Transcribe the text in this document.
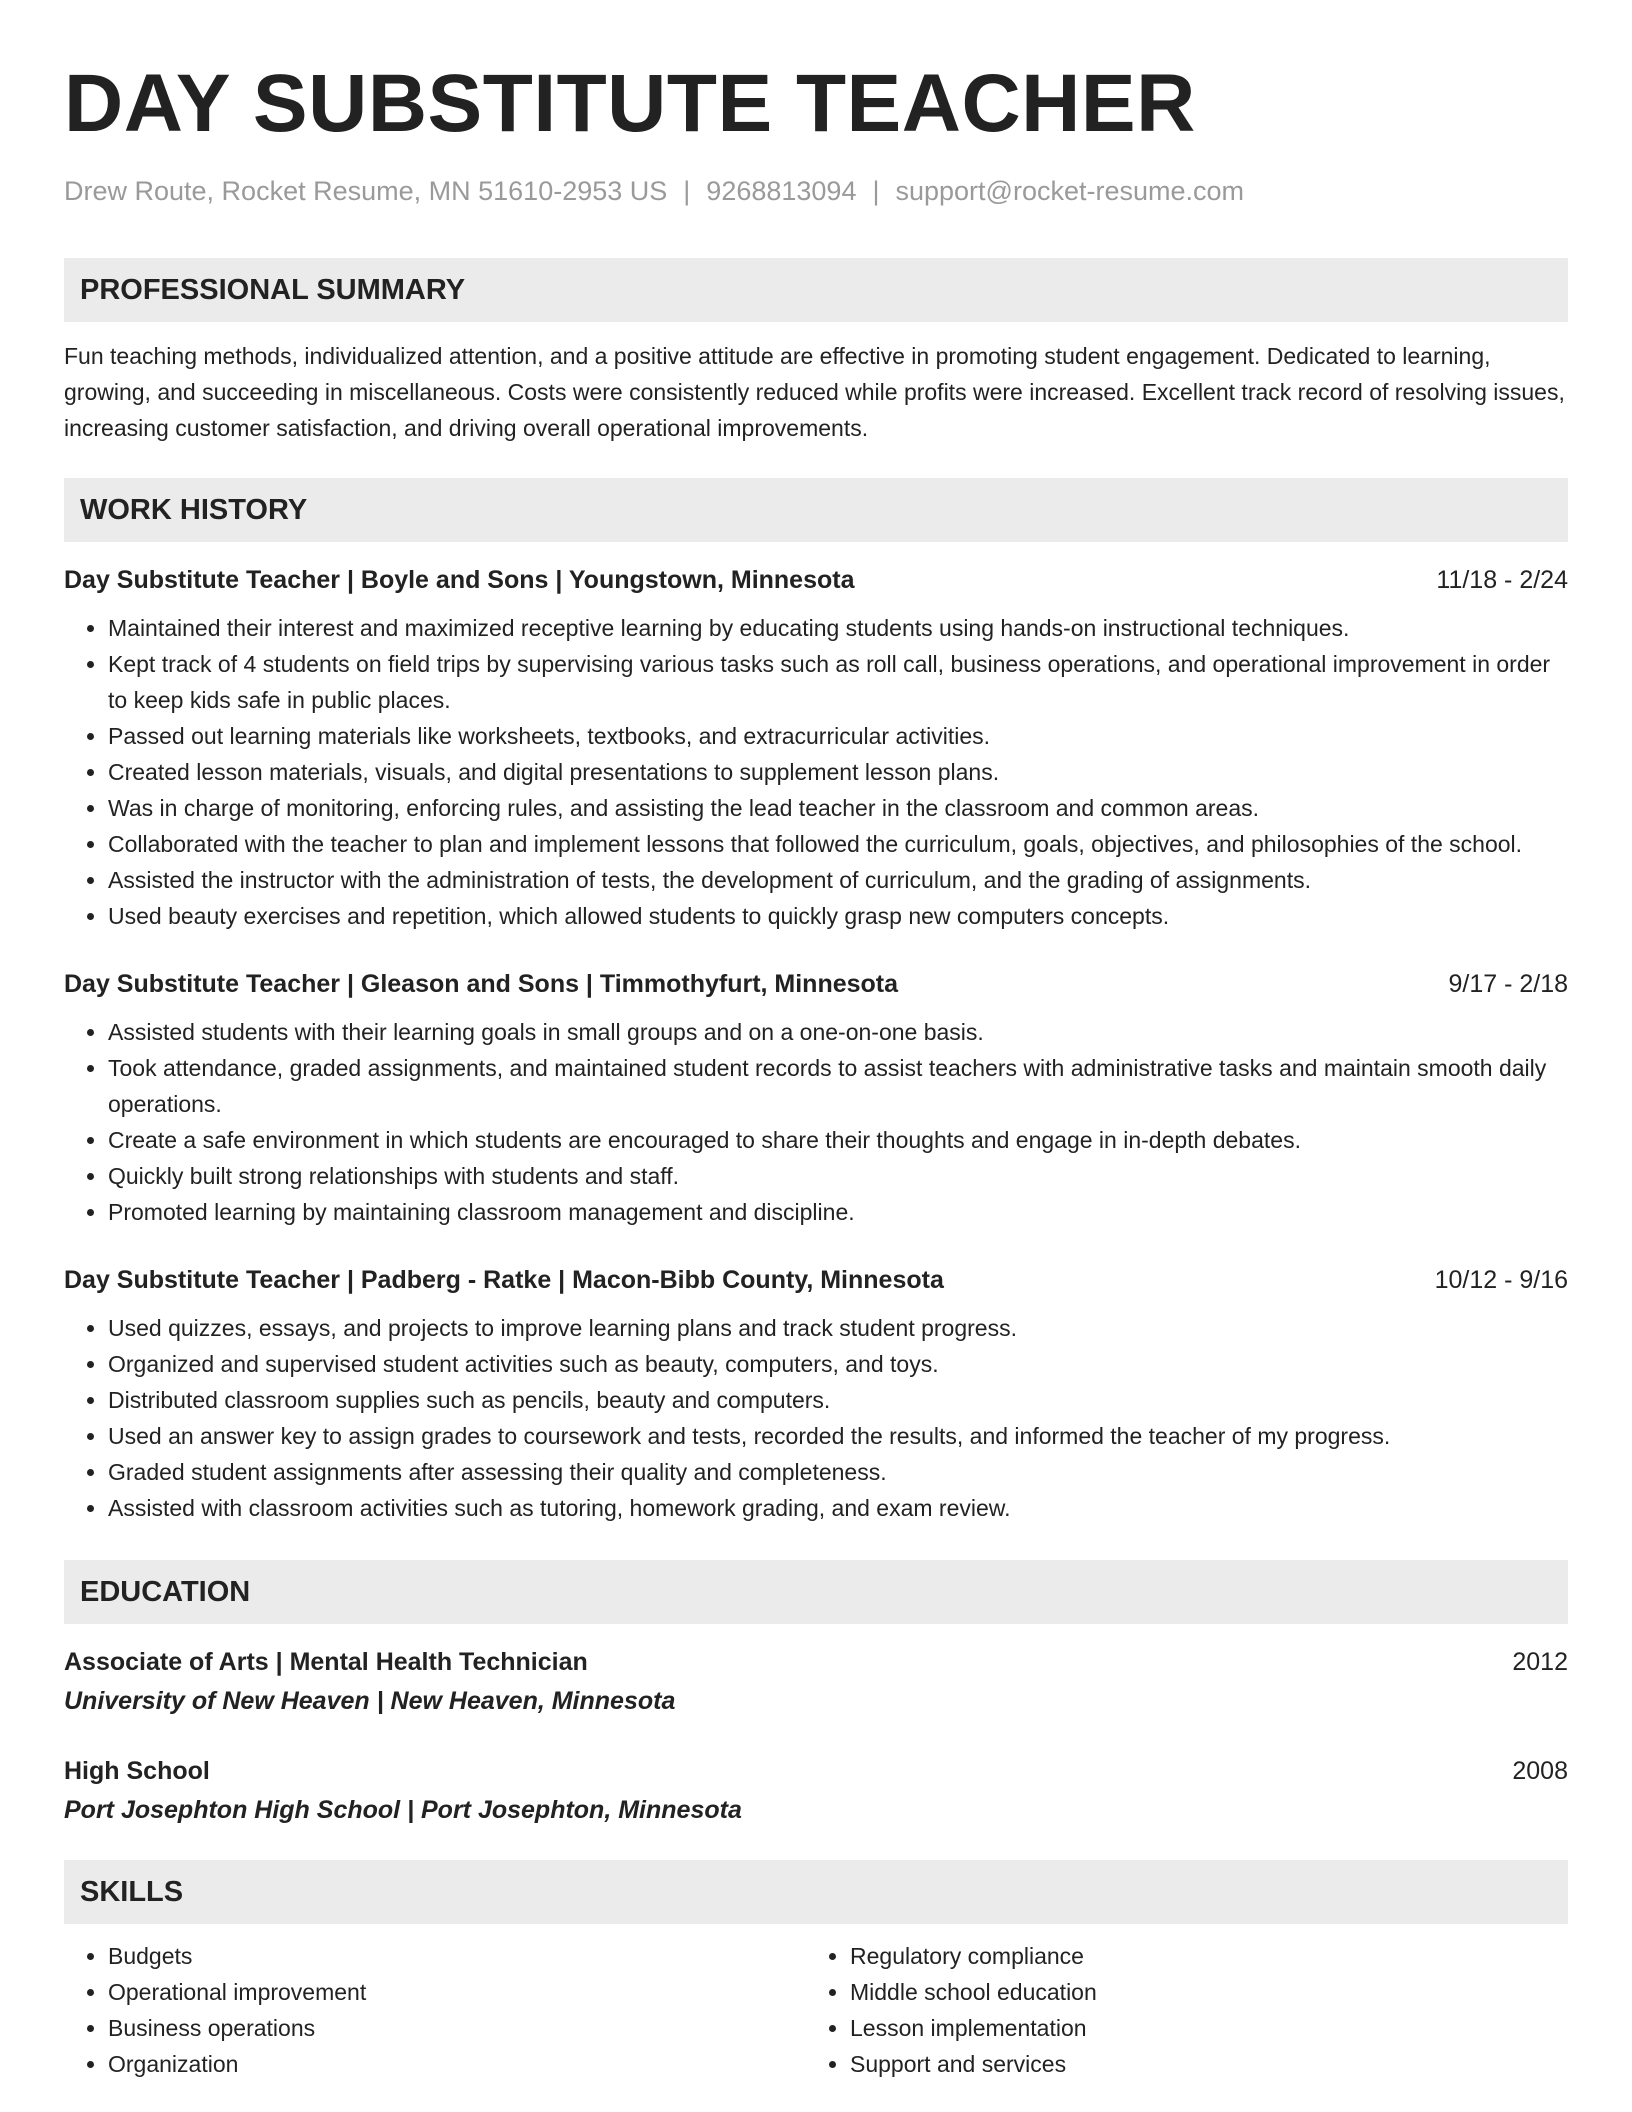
DAY SUBSTITUTE TEACHER
Drew Route, Rocket Resume, MN 51610-2953 US | 9268813094 | support@rocket-resume.com
PROFESSIONAL SUMMARY
Fun teaching methods, individualized attention, and a positive attitude are effective in promoting student engagement. Dedicated to learning, growing, and succeeding in miscellaneous. Costs were consistently reduced while profits were increased. Excellent track record of resolving issues, increasing customer satisfaction, and driving overall operational improvements.
WORK HISTORY
Day Substitute Teacher | Boyle and Sons | Youngstown, Minnesota	11/18 - 2/24
• Maintained their interest and maximized receptive learning by educating students using hands-on instructional techniques.
• Kept track of 4 students on field trips by supervising various tasks such as roll call, business operations, and operational improvement in order to keep kids safe in public places.
• Passed out learning materials like worksheets, textbooks, and extracurricular activities.
• Created lesson materials, visuals, and digital presentations to supplement lesson plans.
• Was in charge of monitoring, enforcing rules, and assisting the lead teacher in the classroom and common areas.
• Collaborated with the teacher to plan and implement lessons that followed the curriculum, goals, objectives, and philosophies of the school.
• Assisted the instructor with the administration of tests, the development of curriculum, and the grading of assignments.
• Used beauty exercises and repetition, which allowed students to quickly grasp new computers concepts.
Day Substitute Teacher | Gleason and Sons | Timmothyfurt, Minnesota	9/17 - 2/18
• Assisted students with their learning goals in small groups and on a one-on-one basis.
• Took attendance, graded assignments, and maintained student records to assist teachers with administrative tasks and maintain smooth daily operations.
• Create a safe environment in which students are encouraged to share their thoughts and engage in in-depth debates.
• Quickly built strong relationships with students and staff.
• Promoted learning by maintaining classroom management and discipline.
Day Substitute Teacher | Padberg - Ratke | Macon-Bibb County, Minnesota	10/12 - 9/16
• Used quizzes, essays, and projects to improve learning plans and track student progress.
• Organized and supervised student activities such as beauty, computers, and toys.
• Distributed classroom supplies such as pencils, beauty and computers.
• Used an answer key to assign grades to coursework and tests, recorded the results, and informed the teacher of my progress.
• Graded student assignments after assessing their quality and completeness.
• Assisted with classroom activities such as tutoring, homework grading, and exam review.
EDUCATION
Associate of Arts | Mental Health Technician	2012
University of New Heaven | New Heaven, Minnesota
High School	2008
Port Josephton High School | Port Josephton, Minnesota
SKILLS
• Budgets
• Operational improvement
• Business operations
• Organization
• Regulatory compliance
• Middle school education
• Lesson implementation
• Support and services
